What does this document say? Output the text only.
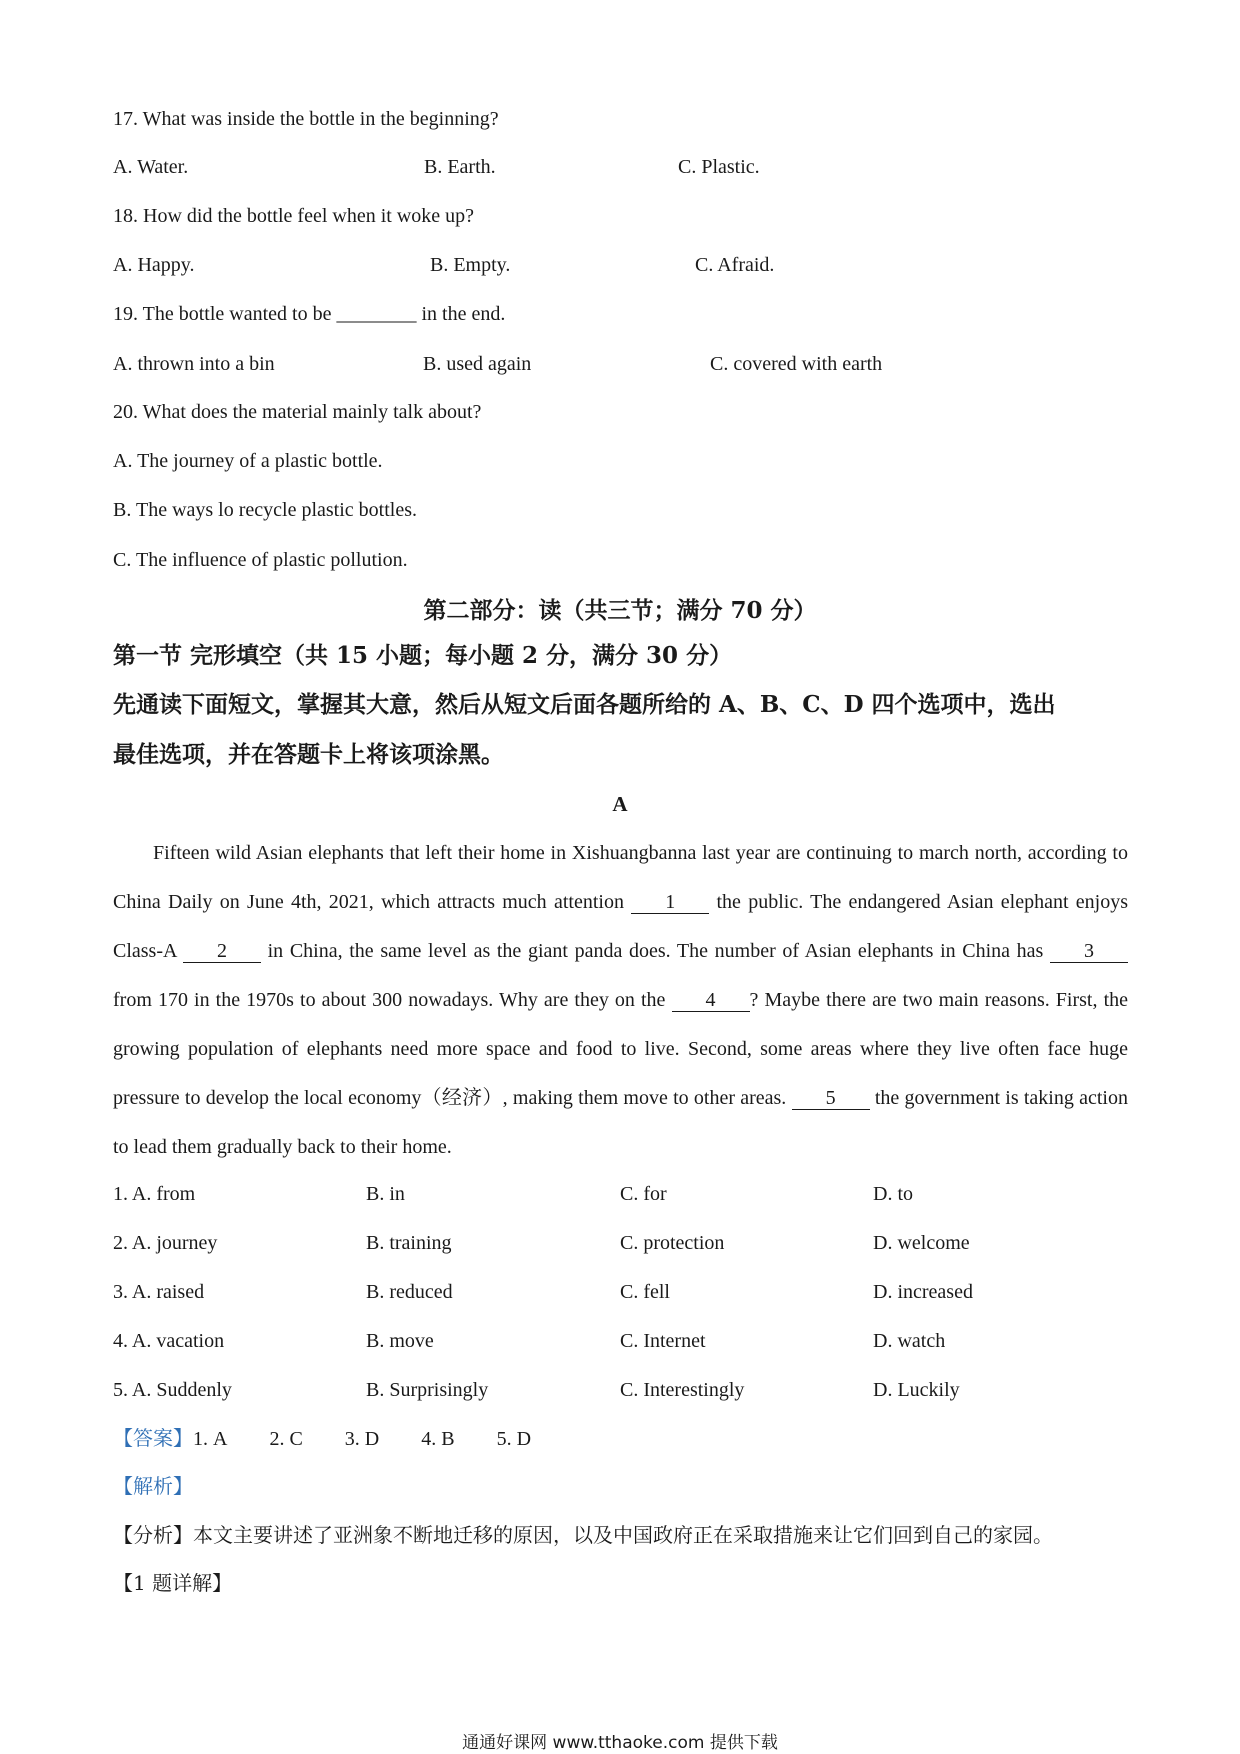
17. What was inside the bottle in the beginning?
A. Water.	B. Earth.	C. Plastic.
18. How did the bottle feel when it woke up?
A. Happy.	B. Empty.	C. Afraid.
19. The bottle wanted to be ________ in the end.
A. thrown into a bin	B. used again	C. covered with earth
20. What does the material mainly talk about?
A. The journey of a plastic bottle.
B. The ways lo recycle plastic bottles.
C. The influence of plastic pollution.
第二部分：读（共三节；满分 70 分）
第一节 完形填空（共 15 小题；每小题 2 分，满分 30 分）
先通读下面短文，掌握其大意，然后从短文后面各题所给的 A、B、C、D 四个选项中，选出
最佳选项，并在答题卡上将该项涂黑。
A
Fifteen wild Asian elephants that left their home in Xishuangbanna last year are continuing to march north, according to China Daily on June 4th, 2021, which attracts much attention 1 the public. The endangered Asian elephant enjoys Class-A 2 in China, the same level as the giant panda does. The number of Asian elephants in China has 3 from 170 in the 1970s to about 300 nowadays. Why are they on the 4 ? Maybe there are two main reasons. First, the growing population of elephants need more space and food to live. Second, some areas where they live often face huge pressure to develop the local economy（经济）, making them move to other areas. 5 the government is taking action to lead them gradually back to their home.
1. A. from	B. in	C. for	D. to
2. A. journey	B. training	C. protection	D. welcome
3. A. raised	B. reduced	C. fell	D. increased
4. A. vacation	B. move	C. Internet	D. watch
5. A. Suddenly	B. Surprisingly	C. Interestingly	D. Luckily
【答案】1. A 2. C 3. D 4. B 5. D
【解析】
【分析】本文主要讲述了亚洲象不断地迁移的原因，以及中国政府正在采取措施来让它们回到自己的家园。
【1 题详解】
通通好课网 www.tthaoke.com 提供下载
